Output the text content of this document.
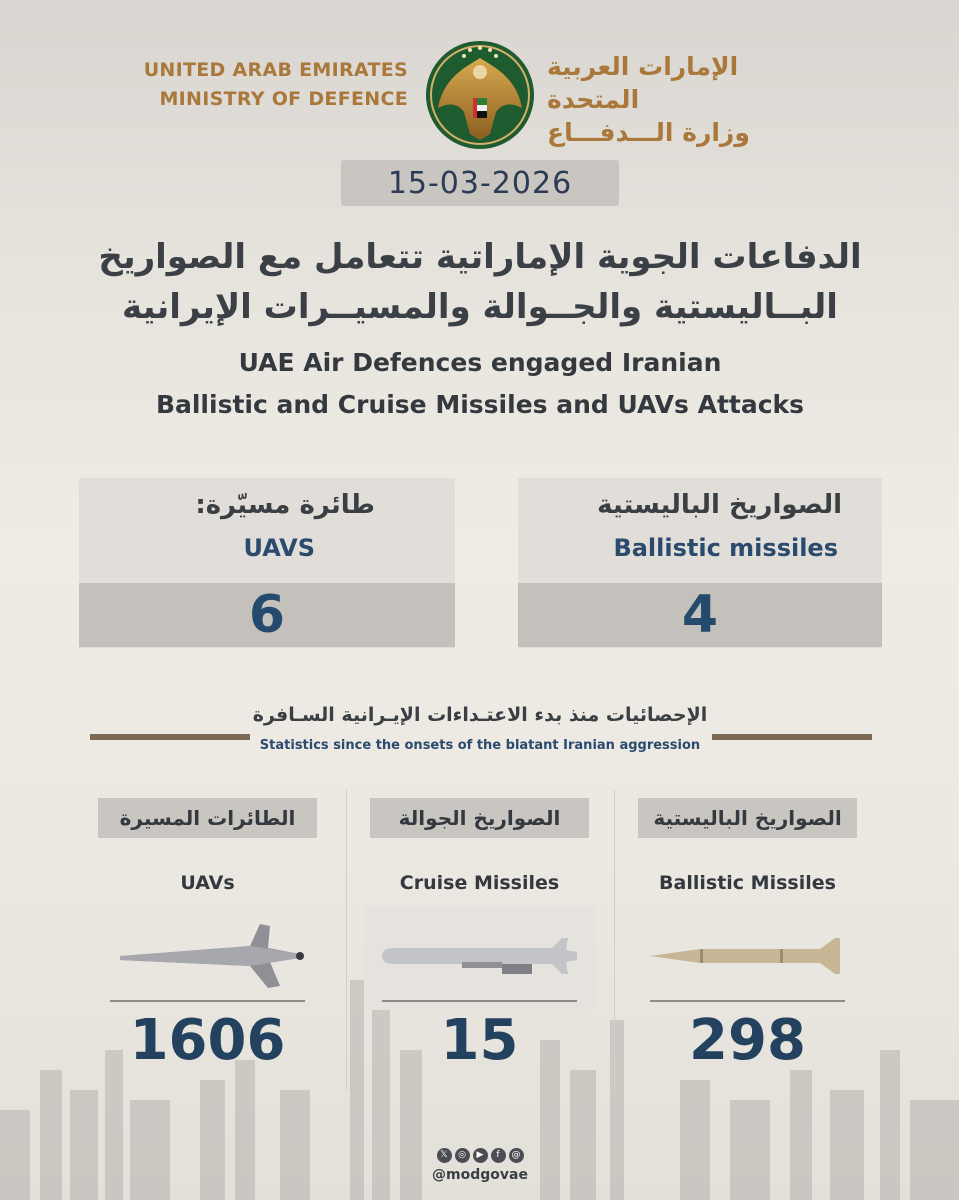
UNITED ARAB EMIRATES
MINISTRY OF DEFENCE
الإمارات العربية المتحدة
وزارة الـــدفـــاع
15-03-2026
الدفاعات الجوية الإماراتية تتعامل مع الصواريخ
البــاليستية والجــوالة والمسيــرات الإيرانية
UAE Air Defences engaged Iranian
Ballistic and Cruise Missiles and UAVs Attacks
طائرة مسيّرة:
UAVS
6
الصواريخ الباليستية
Ballistic missiles
4
الإحصائيات منذ بدء الاعتـداءات الإيـرانية السـافرة
Statistics since the onsets of the blatant Iranian aggression
الطائرات المسيرة
UAVs
1606
الصواريخ الجوالة
Cruise Missiles
15
الصواريخ الباليستية
Ballistic Missiles
298
𝕏	◎	▶	f	@
@modgovae
